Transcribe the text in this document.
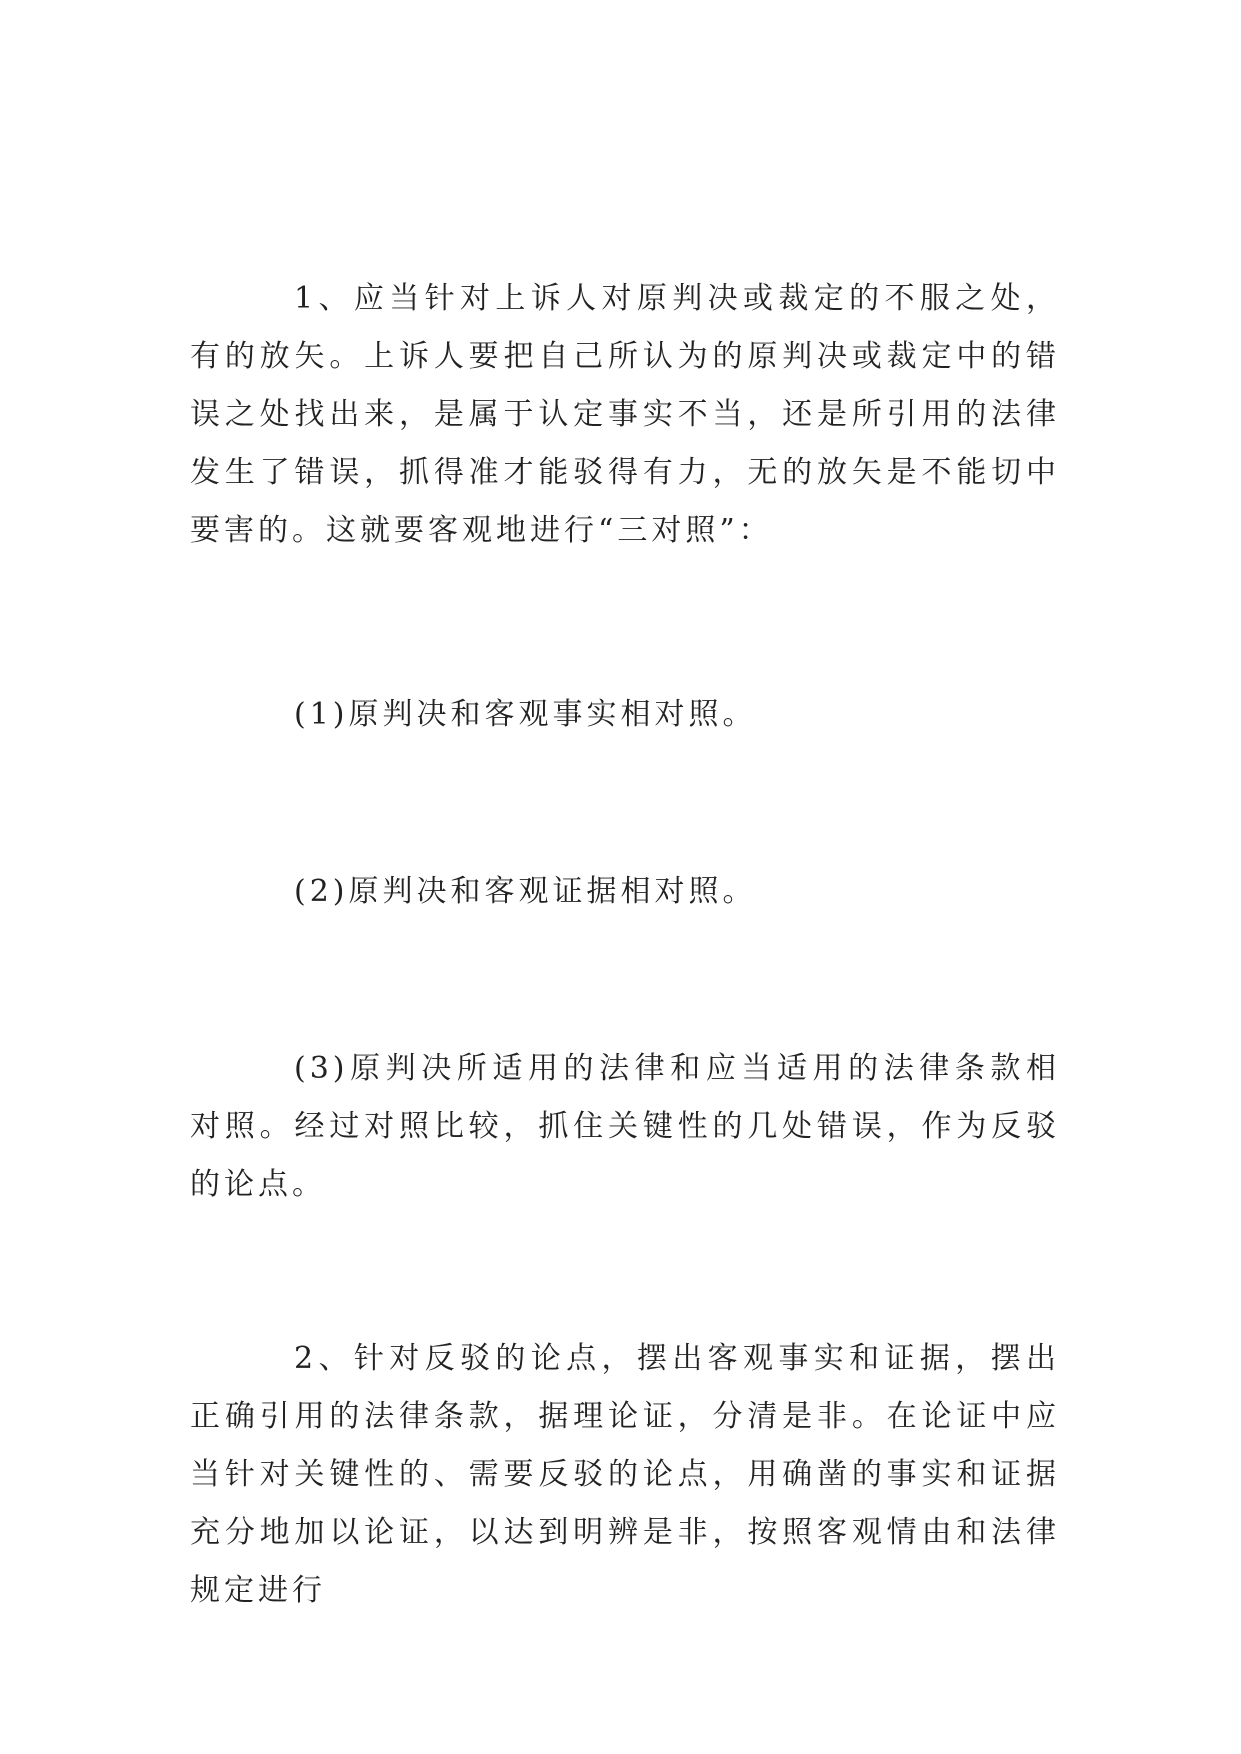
1、应当针对上诉人对原判决或裁定的不服之处，有的放矢。上诉人要把自己所认为的原判决或裁定中的错误之处找出来，是属于认定事实不当，还是所引用的法律发生了错误，抓得准才能驳得有力，无的放矢是不能切中要害的。这就要客观地进行“三对照”：

(1)原判决和客观事实相对照。

(2)原判决和客观证据相对照。

(3)原判决所适用的法律和应当适用的法律条款相对照。经过对照比较，抓住关键性的几处错误，作为反驳的论点。

2、针对反驳的论点，摆出客观事实和证据，摆出正确引用的法律条款，据理论证，分清是非。在论证中应当针对关键性的、需要反驳的论点，用确凿的事实和证据充分地加以论证，以达到明辨是非，按照客观情由和法律规定进行
